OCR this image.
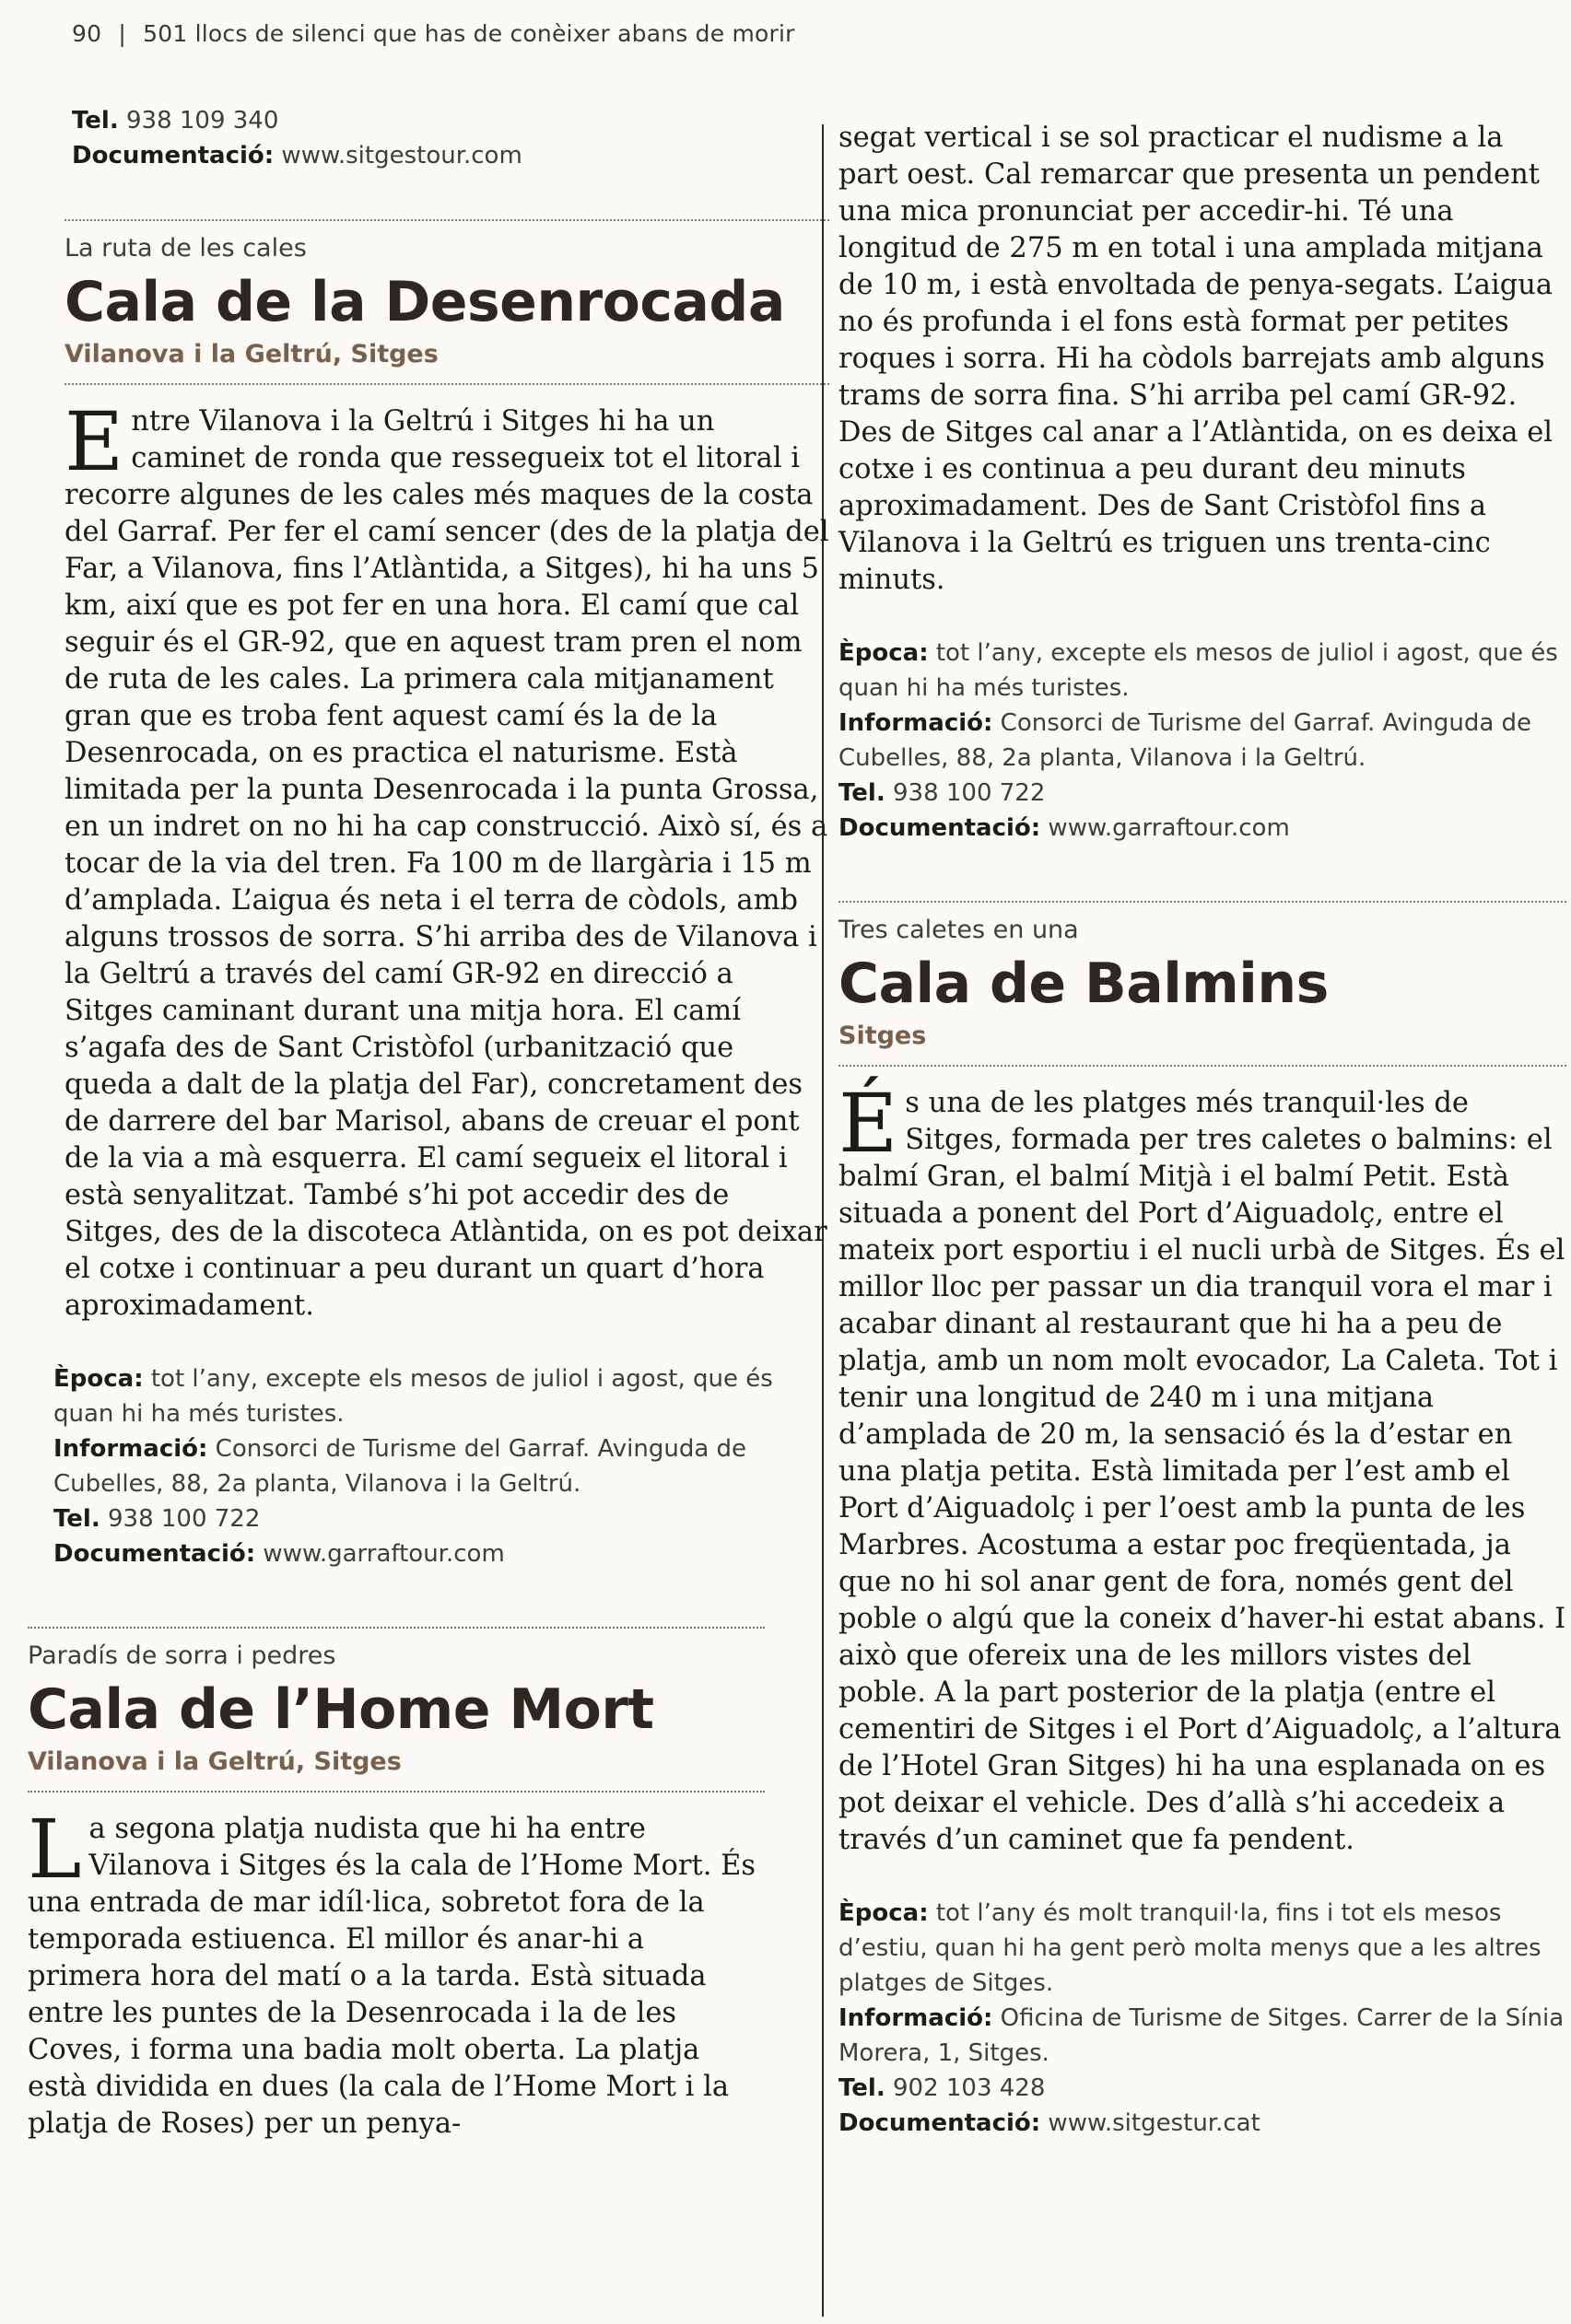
90 | 501 llocs de silenci que has de conèixer abans de morir
Tel. 938 109 340
Documentació: www.sitgestour.com
La ruta de les cales
Cala de la Desenrocada
Vilanova i la Geltrú, Sitges

Entre Vilanova i la Geltrú i Sitges hi ha un caminet de ronda que ressegueix tot el litoral i recorre algunes de les cales més maques de la costa del Garraf. Per fer el camí sencer (des de la platja del Far, a Vilanova, fins l’Atlàntida, a Sitges), hi ha uns 5 km, així que es pot fer en una hora. El camí que cal seguir és el GR-92, que en aquest tram pren el nom de ruta de les cales. La primera cala mitjanament gran que es troba fent aquest camí és la de la Desenrocada, on es practica el naturisme. Està limitada per la punta Desenrocada i la punta Grossa, en un indret on no hi ha cap construcció. Això sí, és a tocar de la via del tren. Fa 100 m de llargària i 15 m d’amplada. L’aigua és neta i el terra de còdols, amb alguns trossos de sorra. S’hi arriba des de Vilanova i la Geltrú a través del camí GR-92 en direcció a Sitges caminant durant una mitja hora. El camí s’agafa des de Sant Cristòfol (urbanització que queda a dalt de la platja del Far), concretament des de darrere del bar Marisol, abans de creuar el pont de la via a mà esquerra. El camí segueix el litoral i està senyalitzat. També s’hi pot accedir des de Sitges, des de la discoteca Atlàntida, on es pot deixar el cotxe i continuar a peu durant un quart d’hora aproximadament.

Època: tot l’any, excepte els mesos de juliol i agost, que és quan hi ha més turistes.
Informació: Consorci de Turisme del Garraf. Avinguda de Cubelles, 88, 2a planta, Vilanova i la Geltrú.
Tel. 938 100 722
Documentació: www.garraftour.com
Paradís de sorra i pedres
Cala de l’Home Mort
Vilanova i la Geltrú, Sitges

La segona platja nudista que hi ha entre Vilanova i Sitges és la cala de l’Home Mort. És una entrada de mar idíl·lica, sobretot fora de la temporada estiuenca. El millor és anar-hi a primera hora del matí o a la tarda. Està situada entre les puntes de la Desenrocada i la de les Coves, i forma una badia molt oberta. La platja està dividida en dues (la cala de l’Home Mort i la platja de Roses) per un penya-

segat vertical i se sol practicar el nudisme a la part oest. Cal remarcar que presenta un pendent una mica pronunciat per accedir-hi. Té una longitud de 275 m en total i una amplada mitjana de 10 m, i està envoltada de penya-segats. L’aigua no és profunda i el fons està format per petites roques i sorra. Hi ha còdols barrejats amb alguns trams de sorra fina. S’hi arriba pel camí GR-92. Des de Sitges cal anar a l’Atlàntida, on es deixa el cotxe i es continua a peu durant deu minuts aproximadament. Des de Sant Cristòfol fins a Vilanova i la Geltrú es triguen uns trenta-cinc minuts.

Època: tot l’any, excepte els mesos de juliol i agost, que és quan hi ha més turistes.
Informació: Consorci de Turisme del Garraf. Avinguda de Cubelles, 88, 2a planta, Vilanova i la Geltrú.
Tel. 938 100 722
Documentació: www.garraftour.com
Tres caletes en una
Cala de Balmins
Sitges

És una de les platges més tranquil·les de Sitges, formada per tres caletes o balmins: el balmí Gran, el balmí Mitjà i el balmí Petit. Està situada a ponent del Port d’Aiguadolç, entre el mateix port esportiu i el nucli urbà de Sitges. És el millor lloc per passar un dia tranquil vora el mar i acabar dinant al restaurant que hi ha a peu de platja, amb un nom molt evocador, La Caleta. Tot i tenir una longitud de 240 m i una mitjana d’amplada de 20 m, la sensació és la d’estar en una platja petita. Està limitada per l’est amb el Port d’Aiguadolç i per l’oest amb la punta de les Marbres. Acostuma a estar poc freqüentada, ja que no hi sol anar gent de fora, només gent del poble o algú que la coneix d’haver-hi estat abans. I això que ofereix una de les millors vistes del poble. A la part posterior de la platja (entre el cementiri de Sitges i el Port d’Aiguadolç, a l’altura de l’Hotel Gran Sitges) hi ha una esplanada on es pot deixar el vehicle. Des d’allà s’hi accedeix a través d’un caminet que fa pendent.

Època: tot l’any és molt tranquil·la, fins i tot els mesos d’estiu, quan hi ha gent però molta menys que a les altres platges de Sitges.
Informació: Oficina de Turisme de Sitges. Carrer de la Sínia Morera, 1, Sitges.
Tel. 902 103 428
Documentació: www.sitgestur.cat
